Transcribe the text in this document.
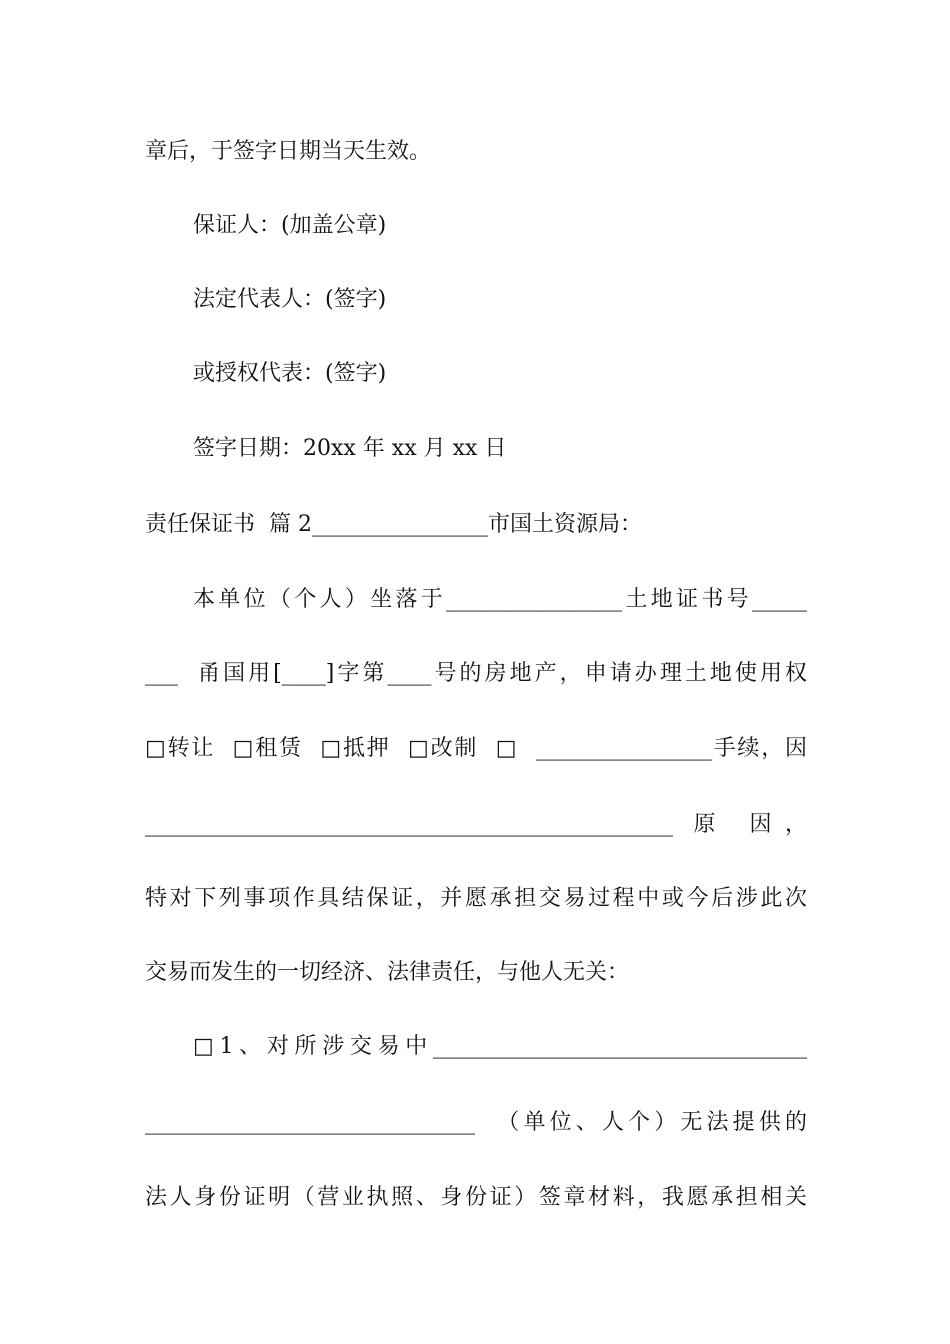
章后，于签字日期当天生效。
保证人：(加盖公章)
法定代表人：(签字)
或授权代表：(签字)
签字日期：20xx 年 xx 月 xx 日
责任保证书  篇 2________________市国土资源局：
本单位（个人）坐落于________________土地证书号_____
___  甬国用[____]字第____号的房地产，申请办理土地使用权
□转让  □租赁  □抵押  □改制  □  ________________手续，因
________________________________________________ 原 因，
特对下列事项作具结保证，并愿承担交易过程中或今后涉此次
交易而发生的一切经济、法律责任，与他人无关：
□1、对所涉交易中__________________________________
______________________________  （单位、人个）无法提供的
法人身份证明（营业执照、身份证）签章材料，我愿承担相关
